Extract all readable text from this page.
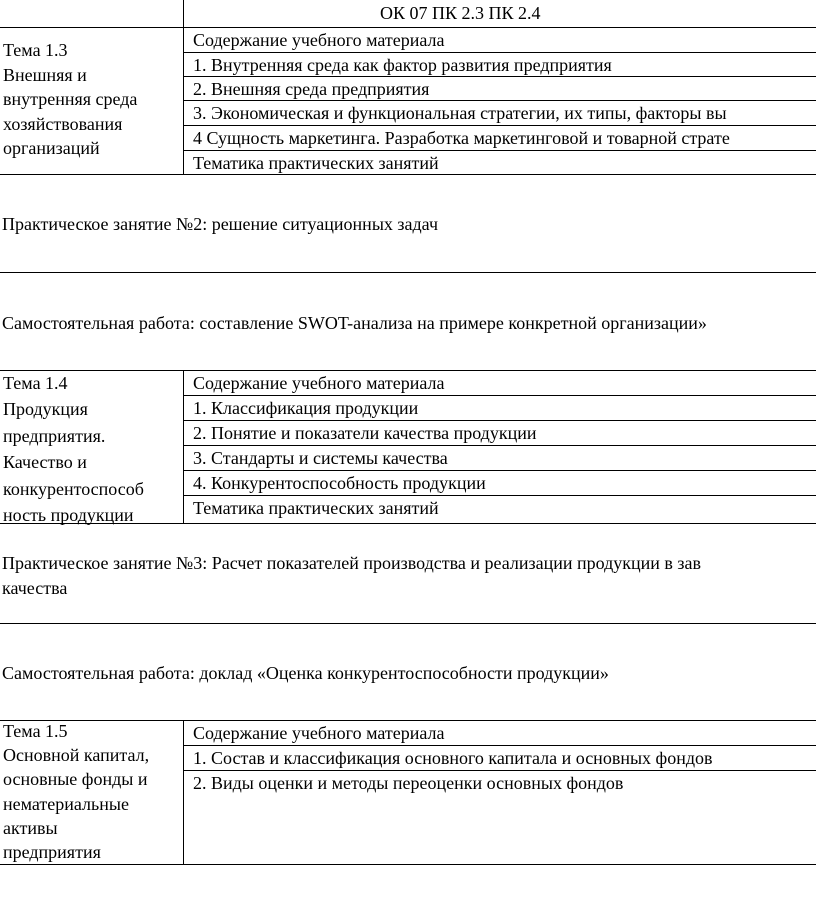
ОК 07 ПК 2.3 ПК 2.4
Тема 1.3
Внешняя и
внутренняя среда
хозяйствования
организаций
Содержание учебного материала
1. Внутренняя среда как фактор развития предприятия
2. Внешняя среда предприятия
3. Экономическая и функциональная стратегии, их типы, факторы вы
4 Сущность маркетинга. Разработка маркетинговой и товарной страте
Тематика практических занятий
Практическое занятие №2: решение ситуационных задач
Самостоятельная работа: составление SWOT-анализа на примере конкретной организации»
Тема 1.4
Продукция
предприятия.
Качество и
конкурентоспособ
ность продукции
Содержание учебного материала
1. Классификация продукции
2. Понятие и показатели качества продукции
3. Стандарты и системы качества
4. Конкурентоспособность продукции
Тематика практических занятий
Практическое занятие №3: Расчет показателей производства и реализации продукции в зав
качества
Самостоятельная работа: доклад «Оценка конкурентоспособности продукции»
Тема 1.5
Основной капитал,
основные фонды и
нематериальные
активы
предприятия
Содержание учебного материала
1. Состав и классификация основного капитала и основных фондов
2. Виды оценки и методы переоценки основных фондов
